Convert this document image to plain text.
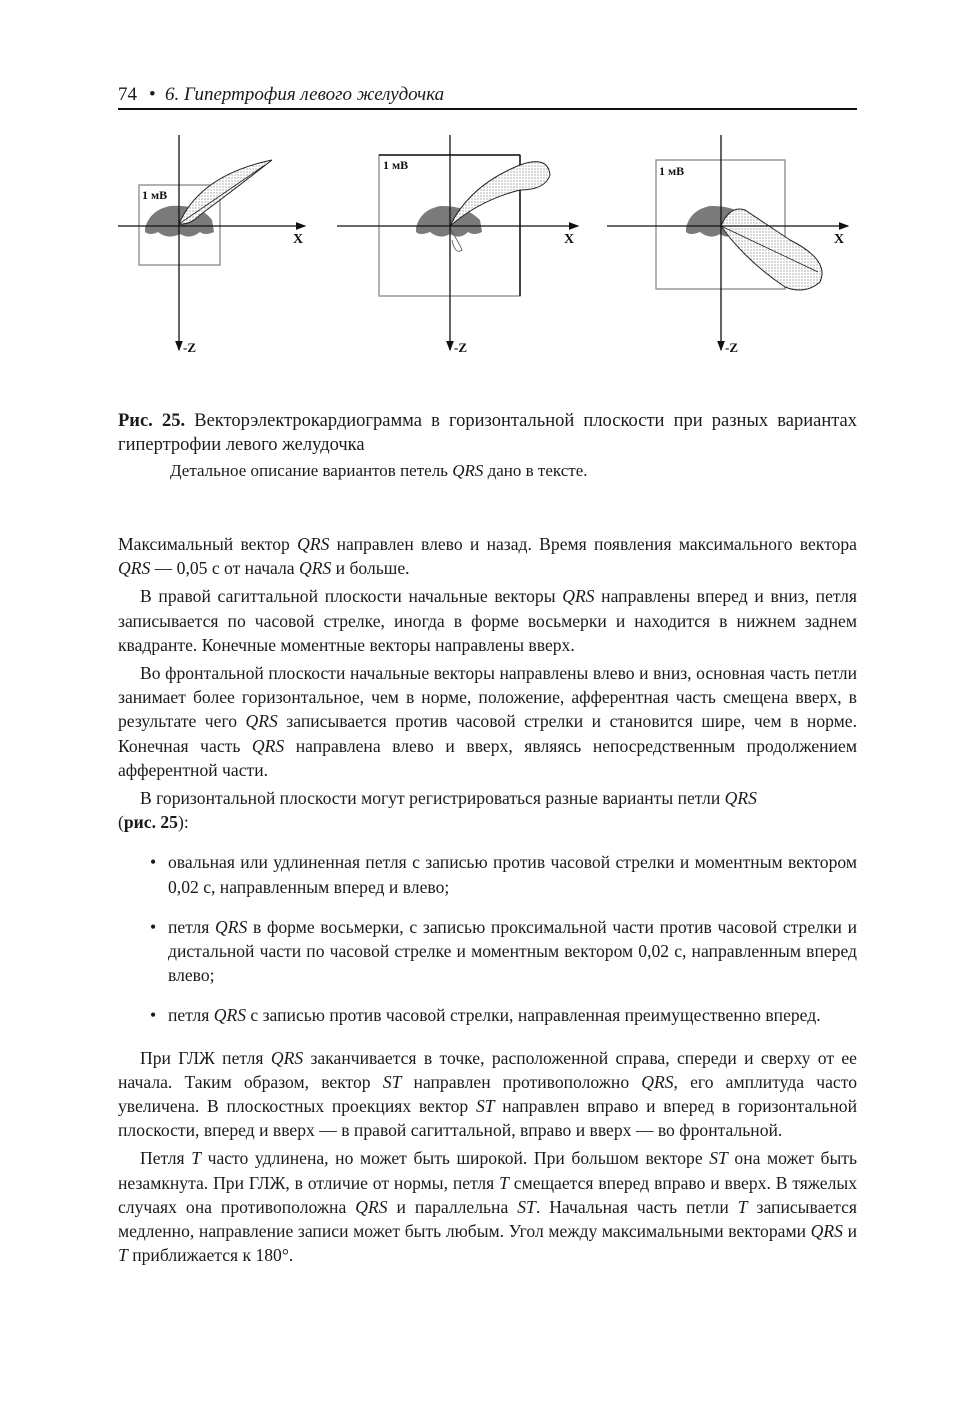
74 • 6. Гипертрофия левого желудочка
1 мВ
X
-Z
1 мВ
X
-Z
1 мВ
X
-Z
Рис. 25. Векторэлектрокардиограмма в горизонтальной плоскости при разных вариантах гипертрофии левого желудочка
Детальное описание вариантов петель QRS дано в тексте.

Максимальный вектор QRS направлен влево и назад. Время появления максимального вектора QRS — 0,05 с от начала QRS и больше.

В правой сагиттальной плоскости начальные векторы QRS направлены вперед и вниз, петля записывается по часовой стрелке, иногда в форме восьмерки и находится в нижнем заднем квадранте. Конечные моментные векторы направлены вверх.

Во фронтальной плоскости начальные векторы направлены влево и вниз, основная часть петли занимает более горизонтальное, чем в норме, положение, афферентная часть смещена вверх, в результате чего QRS записывается против часовой стрелки и становится шире, чем в норме. Конечная часть QRS направлена влево и вверх, являясь непосредственным продолжением афферентной части.

В горизонтальной плоскости могут регистрироваться разные варианты петли QRS
(рис. 25):

• овальная или удлиненная петля с записью против часовой стрелки и моментным вектором 0,02 с, направленным вперед и влево;
• петля QRS в форме восьмерки, с записью проксимальной части против часовой стрелки и дистальной части по часовой стрелке и моментным вектором 0,02 с, направленным вперед влево;
• петля QRS с записью против часовой стрелки, направленная преимущественно вперед.

При ГЛЖ петля QRS заканчивается в точке, расположенной справа, спереди и сверху от ее начала. Таким образом, вектор ST направлен противоположно QRS, его амплитуда часто увеличена. В плоскостных проекциях вектор ST направлен вправо и вперед в горизонтальной плоскости, вперед и вверх — в правой сагиттальной, вправо и вверх — во фронтальной.

Петля T часто удлинена, но может быть широкой. При большом векторе ST она может быть незамкнута. При ГЛЖ, в отличие от нормы, петля T смещается вперед вправо и вверх. В тяжелых случаях она противоположна QRS и параллельна ST. Начальная часть петли T записывается медленно, направление записи может быть любым. Угол между максимальными векторами QRS и T приближается к 180°.
